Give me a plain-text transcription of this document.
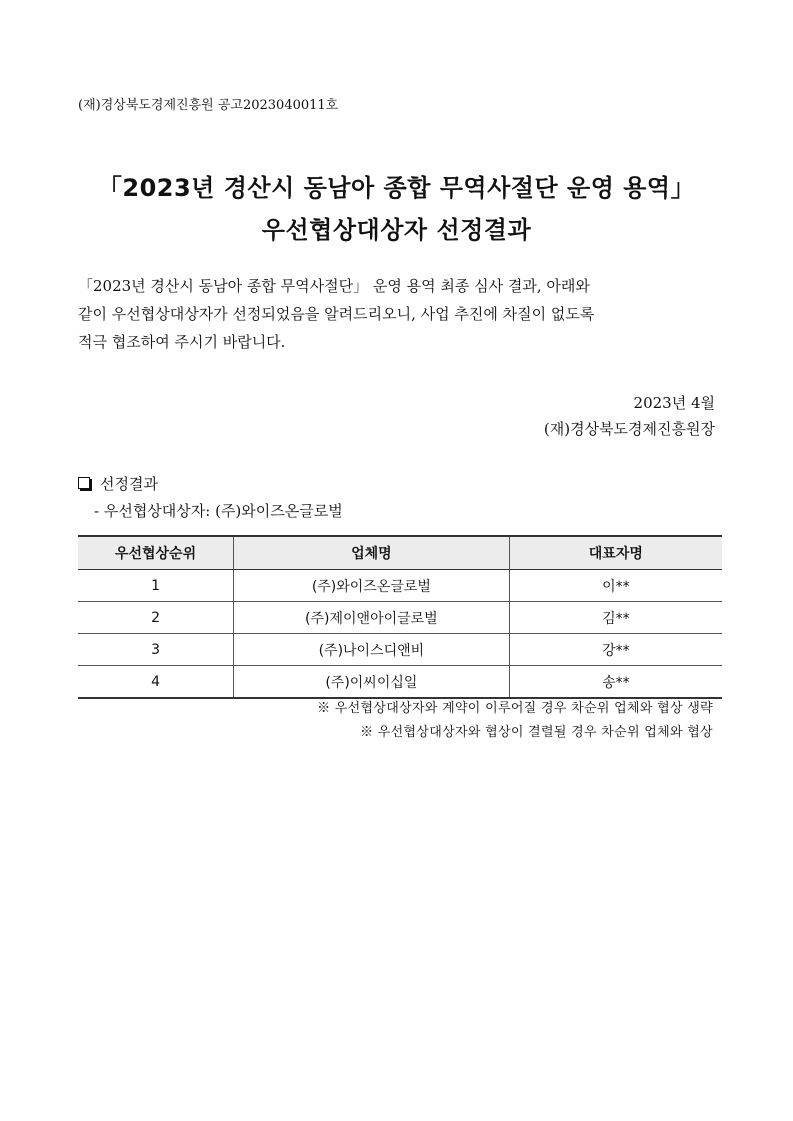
(재)경상북도경제진흥원 공고2023040011호
「2023년 경산시 동남아 종합 무역사절단 운영 용역」
우선협상대상자 선정결과
「2023년 경산시 동남아 종합 무역사절단」 운영 용역 최종 심사 결과, 아래와
같이 우선협상대상자가 선정되었음을 알려드리오니, 사업 추진에 차질이 없도록
적극 협조하여 주시기 바랍니다.
2023년 4월
(재)경상북도경제진흥원장
선정결과
- 우선협상대상자: (주)와이즈온글로벌
우선협상순위	업체명	대표자명
1	(주)와이즈온글로벌	이**
2	(주)제이앤아이글로벌	김**
3	(주)나이스디앤비	강**
4	(주)이씨이십일	송**
※ 우선협상대상자와 계약이 이루어질 경우 차순위 업체와 협상 생략
※ 우선협상대상자와 협상이 결렬될 경우 차순위 업체와 협상
